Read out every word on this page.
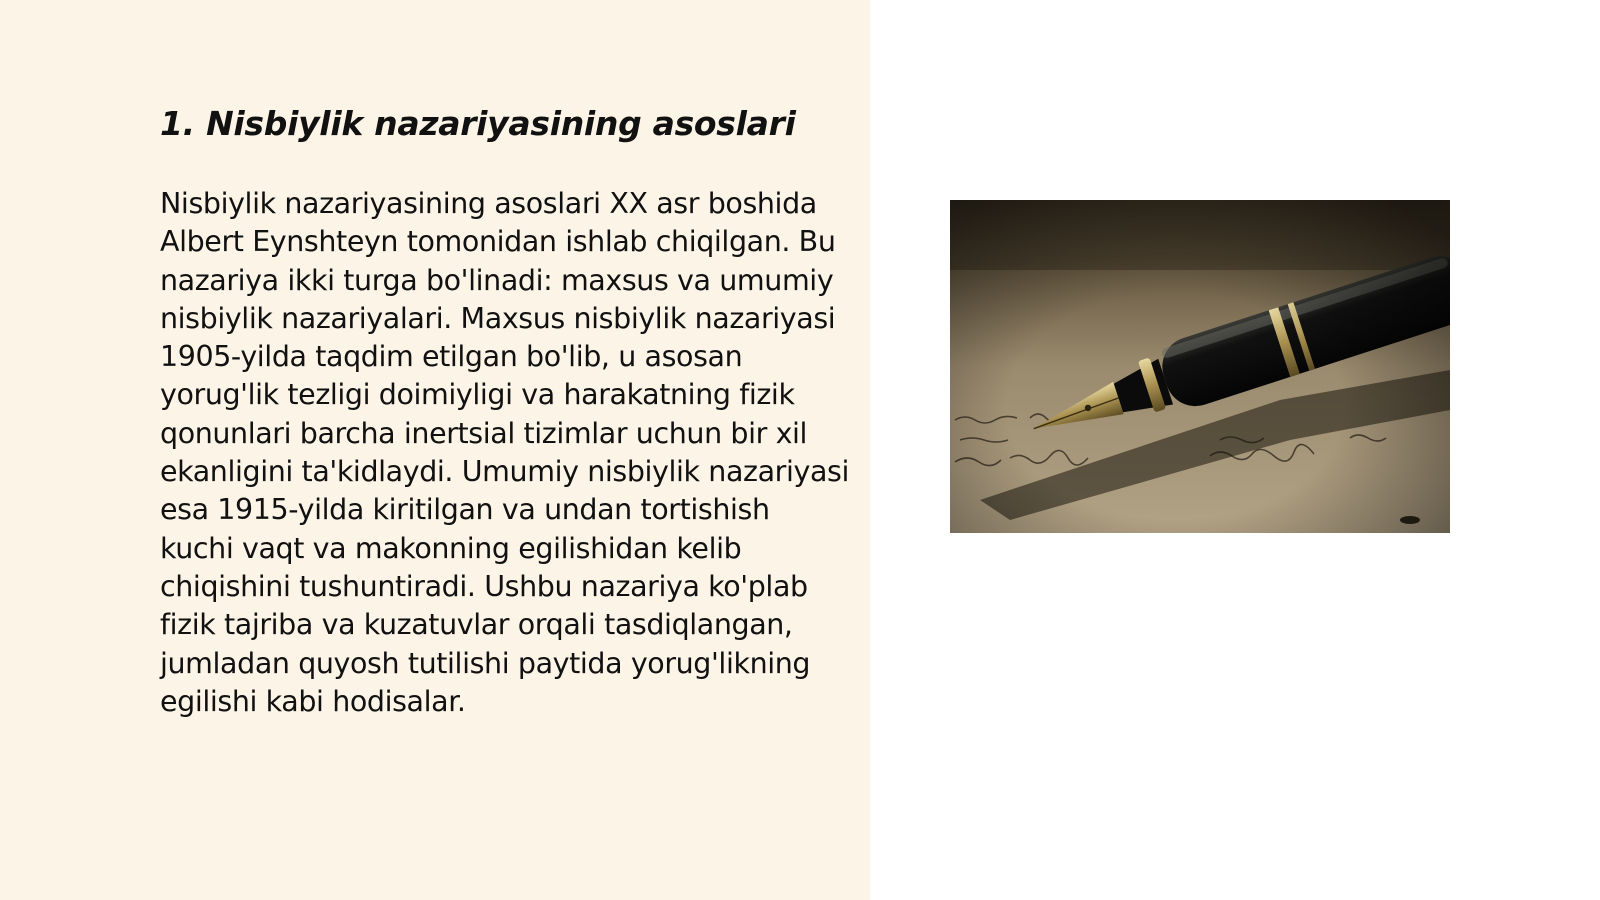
1. Nisbiylik nazariyasining asoslari

Nisbiylik nazariyasining asoslari XX asr boshida Albert Eynshteyn tomonidan ishlab chiqilgan. Bu nazariya ikki turga bo'linadi: maxsus va umumiy nisbiylik nazariyalari. Maxsus nisbiylik nazariyasi 1905-yilda taqdim etilgan bo'lib, u asosan yorug'lik tezligi doimiyligi va harakatning fizik qonunlari barcha inertsial tizimlar uchun bir xil ekanligini ta'kidlaydi. Umumiy nisbiylik nazariyasi esa 1915-yilda kiritilgan va undan tortishish kuchi vaqt va makonning egilishidan kelib chiqishini tushuntiradi. Ushbu nazariya ko'plab fizik tajriba va kuzatuvlar orqali tasdiqlangan, jumladan quyosh tutilishi paytida yorug'likning egilishi kabi hodisalar.
